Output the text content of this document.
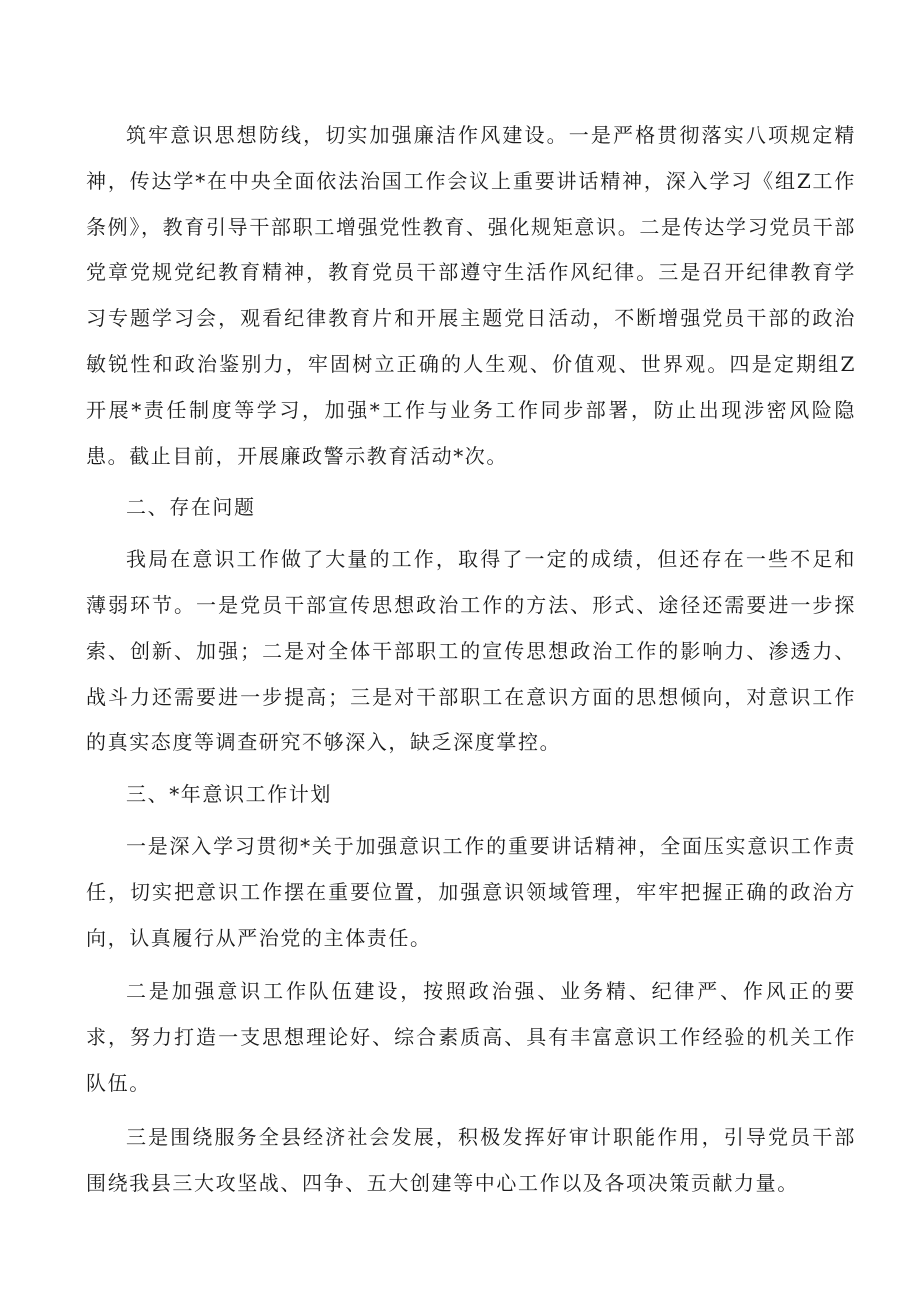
筑牢意识思想防线，切实加强廉洁作风建设。一是严格贯彻落实八项规定精神，传达学*在中央全面依法治国工作会议上重要讲话精神，深入学习《组Z工作条例》，教育引导干部职工增强党性教育、强化规矩意识。二是传达学习党员干部党章党规党纪教育精神，教育党员干部遵守生活作风纪律。三是召开纪律教育学习专题学习会，观看纪律教育片和开展主题党日活动，不断增强党员干部的政治敏锐性和政治鉴别力，牢固树立正确的人生观、价值观、世界观。四是定期组Z开展*责任制度等学习，加强*工作与业务工作同步部署，防止出现涉密风险隐患。截止目前，开展廉政警示教育活动*次。

二、存在问题

我局在意识工作做了大量的工作，取得了一定的成绩，但还存在一些不足和薄弱环节。一是党员干部宣传思想政治工作的方法、形式、途径还需要进一步探索、创新、加强；二是对全体干部职工的宣传思想政治工作的影响力、渗透力、战斗力还需要进一步提高；三是对干部职工在意识方面的思想倾向，对意识工作的真实态度等调查研究不够深入，缺乏深度掌控。

三、*年意识工作计划

一是深入学习贯彻*关于加强意识工作的重要讲话精神，全面压实意识工作责任，切实把意识工作摆在重要位置，加强意识领域管理，牢牢把握正确的政治方向，认真履行从严治党的主体责任。

二是加强意识工作队伍建设，按照政治强、业务精、纪律严、作风正的要求，努力打造一支思想理论好、综合素质高、具有丰富意识工作经验的机关工作队伍。

三是围绕服务全县经济社会发展，积极发挥好审计职能作用，引导党员干部围绕我县三大攻坚战、四争、五大创建等中心工作以及各项决策贡献力量。
